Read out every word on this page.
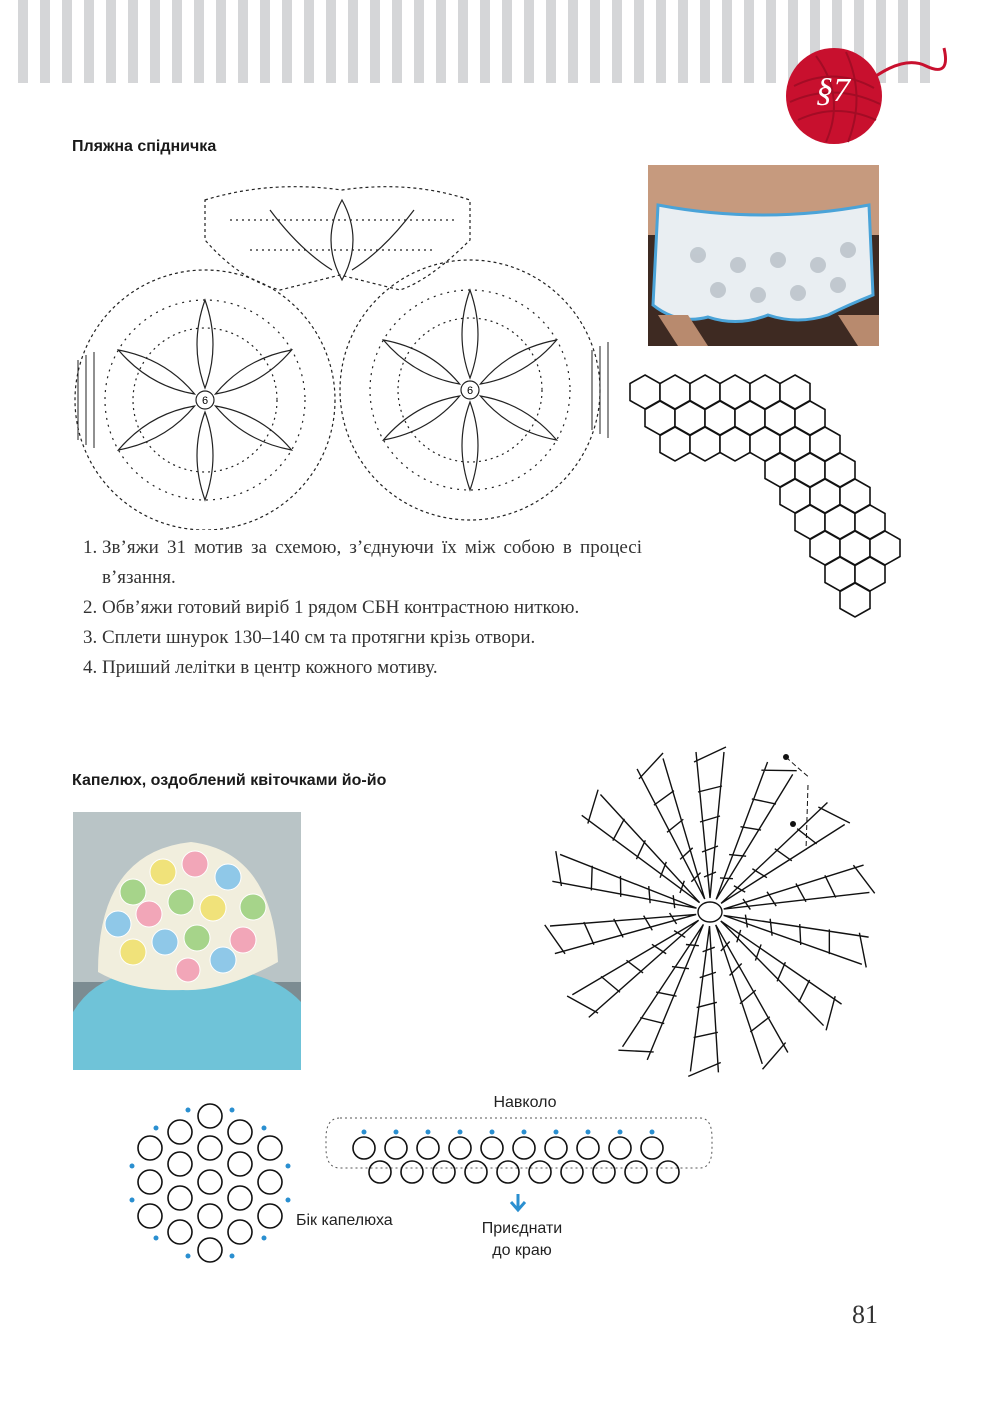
§7
Пляжна спідничка
6
6
1. Зв’яжи 31 мотив за схемою, з’єднуючи їх між собою в процесі в’язання.
2. Обв’яжи готовий виріб 1 рядом СБН контрастною ниткою.
3. Сплети шнурок 130–140 см та протягни крізь отвори.
4. Приший лелітки в центр кожного мотиву.
Капелюх, оздоблений квіточками йо-йо
Навколо
Бік капелюха	Приєднати
до краю
81
